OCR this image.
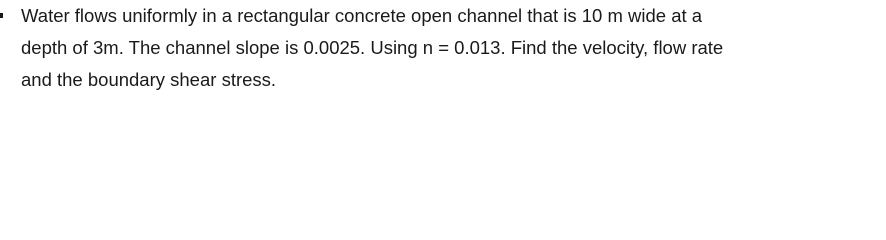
Water flows uniformly in a rectangular concrete open channel that is 10 m wide at a
depth of 3m. The channel slope is 0.0025. Using n = 0.013. Find the velocity, flow rate
and the boundary shear stress.
